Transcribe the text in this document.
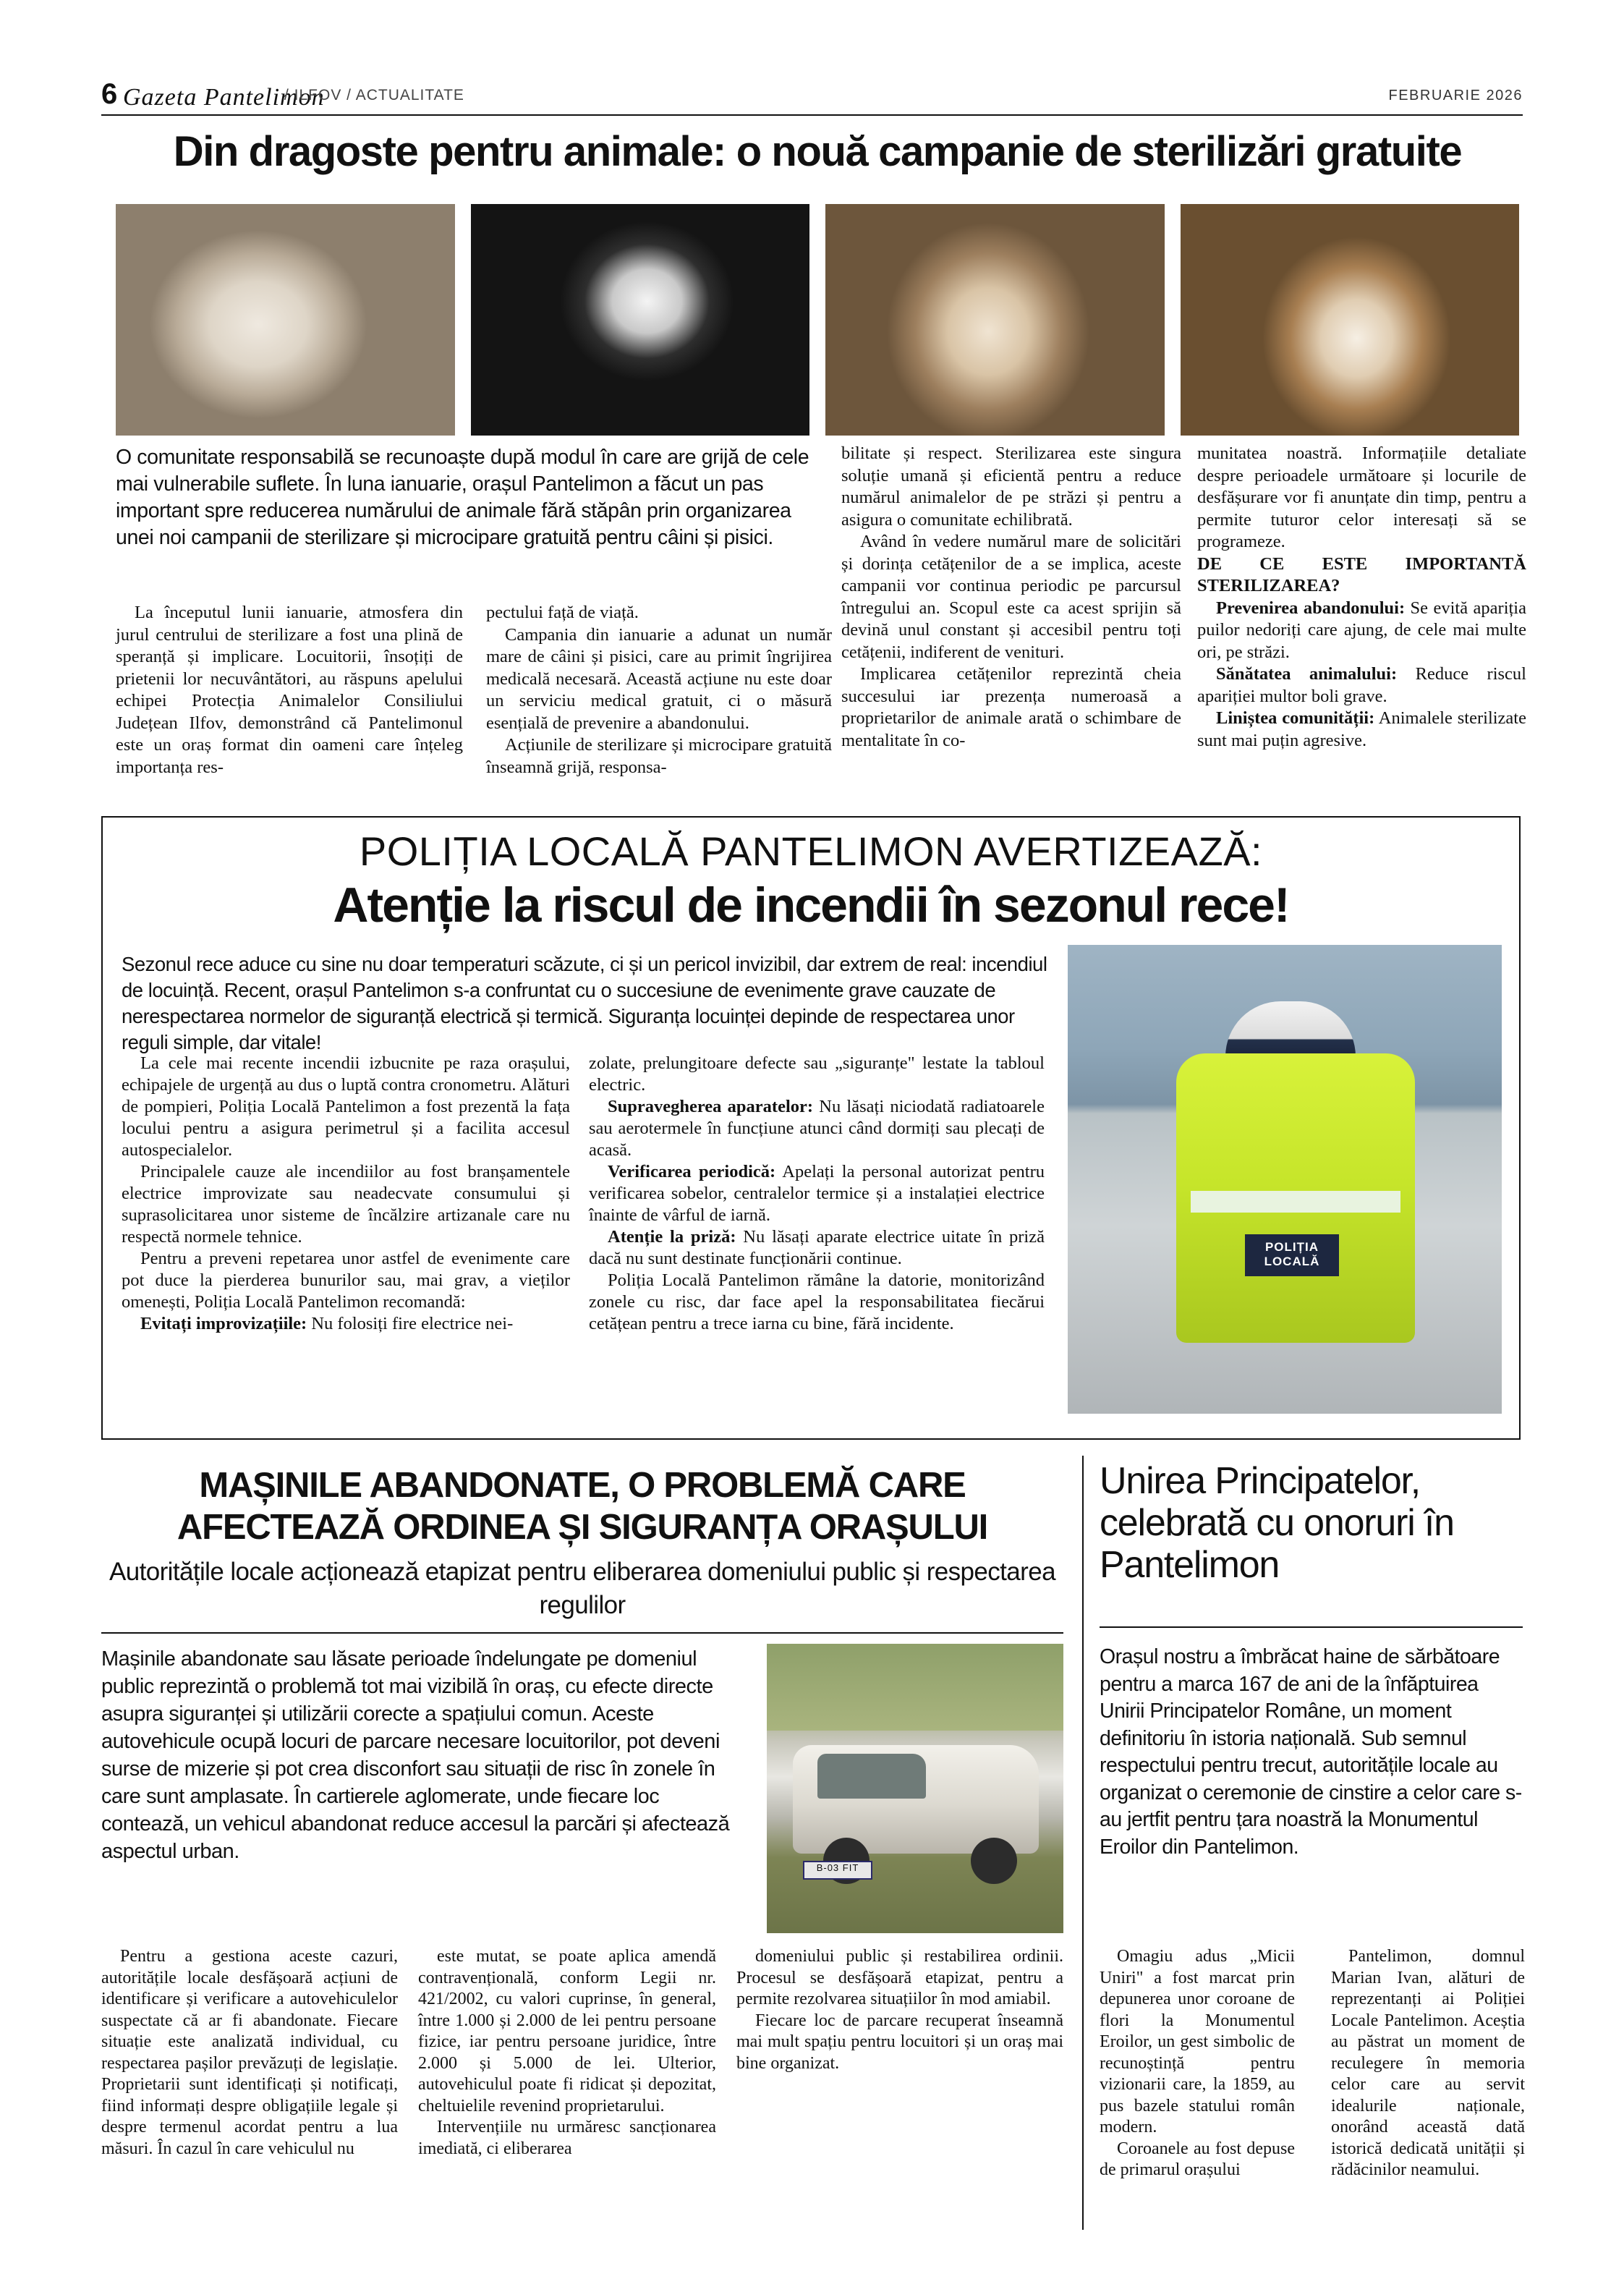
6 Gazeta Pantelimon
/ ILFOV / ACTUALITATE	FEBRUARIE 2026
Din dragoste pentru animale: o nouă campanie de sterilizări gratuite
O comunitate responsabilă se recunoaște după modul în care are grijă de cele mai vulnerabile suflete. În luna ianuarie, orașul Pantelimon a făcut un pas important spre reducerea numărului de animale fără stăpân prin organizarea unei noi campanii de sterilizare și microcipare gratuită pentru câini și pisici.

La începutul lunii ianuarie, atmosfera din jurul centrului de sterilizare a fost una plină de speranță și implicare. Locuitorii, însoțiți de prietenii lor necuvântători, au răspuns apelului echipei Protecția Animalelor Consiliului Județean Ilfov, demonstrând că Pantelimonul este un oraș format din oameni care înțeleg importanța res-

pectului față de viață.

Campania din ianuarie a adunat un număr mare de câini și pisici, care au primit îngrijirea medicală necesară. Această acțiune nu este doar un serviciu medical gratuit, ci o măsură esențială de prevenire a abandonului.

Acțiunile de sterilizare și microcipare gratuită înseamnă grijă, responsa-

bilitate și respect. Sterilizarea este singura soluție umană și eficientă pentru a reduce numărul animalelor de pe străzi și pentru a asigura o comunitate echilibrată.

Având în vedere numărul mare de solicitări și dorința cetățenilor de a se implica, aceste campanii vor continua periodic pe parcursul întregului an. Scopul este ca acest sprijin să devină unul constant și accesibil pentru toți cetățenii, indiferent de venituri.

Implicarea cetățenilor reprezintă cheia succesului iar prezența numeroasă a proprietarilor de animale arată o schimbare de mentalitate în co-

munitatea noastră. Informațiile detaliate despre perioadele următoare și locurile de desfășurare vor fi anunțate din timp, pentru a permite tuturor celor interesați să se programeze.

DE CE ESTE IMPORTANTĂ STERILIZAREA?

Prevenirea abandonului: Se evită apariția puilor nedoriți care ajung, de cele mai multe ori, pe străzi.

Sănătatea animalului: Reduce riscul apariției multor boli grave.

Liniștea comunității: Animalele sterilizate sunt mai puțin agresive.

POLIȚIA LOCALĂ PANTELIMON AVERTIZEAZĂ:
Atenție la riscul de incendii în sezonul rece!
Sezonul rece aduce cu sine nu doar temperaturi scăzute, ci și un pericol invizibil, dar extrem de real: incendiul de locuință. Recent, orașul Pantelimon s-a confruntat cu o succesiune de evenimente grave cauzate de nerespectarea normelor de siguranță electrică și termică. Siguranța locuinței depinde de respectarea unor reguli simple, dar vitale!
POLIȚIA LOCALĂ

La cele mai recente incendii izbucnite pe raza orașului, echipajele de urgență au dus o luptă contra cronometru. Alături de pompieri, Poliția Locală Pantelimon a fost prezentă la fața locului pentru a asigura perimetrul și a facilita accesul autospecialelor.

Principalele cauze ale incendiilor au fost branșamentele electrice improvizate sau neadecvate consumului și suprasolicitarea unor sisteme de încălzire artizanale care nu respectă normele tehnice.

Pentru a preveni repetarea unor astfel de evenimente care pot duce la pierderea bunurilor sau, mai grav, a vieților omenești, Poliția Locală Pantelimon recomandă:

Evitați improvizațiile: Nu folosiți fire electrice nei-

zolate, prelungitoare defecte sau „siguranțe" lestate la tabloul electric.

Supravegherea aparatelor: Nu lăsați niciodată radiatoarele sau aerotermele în funcțiune atunci când dormiți sau plecați de acasă.

Verificarea periodică: Apelați la personal autorizat pentru verificarea sobelor, centralelor termice și a instalației electrice înainte de vârful de iarnă.

Atenție la priză: Nu lăsați aparate electrice uitate în priză dacă nu sunt destinate funcționării continue.

Poliția Locală Pantelimon rămâne la datorie, monitorizând zonele cu risc, dar face apel la responsabilitatea fiecărui cetățean pentru a trece iarna cu bine, fără incidente.

MAȘINILE ABANDONATE, O PROBLEMĂ CARE AFECTEAZĂ ORDINEA ȘI SIGURANȚA ORAȘULUI
Autoritățile locale acționează etapizat pentru eliberarea domeniului public și respectarea regulilor
Mașinile abandonate sau lăsate perioade îndelungate pe domeniul public reprezintă o problemă tot mai vizibilă în oraș, cu efecte directe asupra siguranței și utilizării corecte a spațiului comun. Aceste autovehicule ocupă locuri de parcare necesare locuitorilor, pot deveni surse de mizerie și pot crea disconfort sau situații de risc în zonele în care sunt amplasate. În cartierele aglomerate, unde fiecare loc contează, un vehicul abandonat reduce accesul la parcări și afectează aspectul urban.
B-03 FIT

Pentru a gestiona aceste cazuri, autoritățile locale desfășoară acțiuni de identificare și verificare a autovehiculelor suspectate că ar fi abandonate. Fiecare situație este analizată individual, cu respectarea pașilor prevăzuți de legislație. Proprietarii sunt identificați și notificați, fiind informați despre obligațiile legale și despre termenul acordat pentru a lua măsuri. În cazul în care vehiculul nu

este mutat, se poate aplica amendă contravențională, conform Legii nr. 421/2002, cu valori cuprinse, în general, între 1.000 și 2.000 de lei pentru persoane fizice, iar pentru persoane juridice, între 2.000 și 5.000 de lei. Ulterior, autovehiculul poate fi ridicat și depozitat, cheltuielile revenind proprietarului.

Intervențiile nu urmăresc sancționarea imediată, ci eliberarea

domeniului public și restabilirea ordinii. Procesul se desfășoară etapizat, pentru a permite rezolvarea situațiilor în mod amiabil.

Fiecare loc de parcare recuperat înseamnă mai mult spațiu pentru locuitori și un oraș mai bine organizat.

Unirea Principatelor, celebrată cu onoruri în Pantelimon
Orașul nostru a îmbrăcat haine de sărbătoare pentru a marca 167 de ani de la înfăptuirea Unirii Principatelor Române, un moment definitoriu în istoria națională. Sub semnul respectului pentru trecut, autoritățile locale au organizat o ceremonie de cinstire a celor care s-au jertfit pentru țara noastră la Monumentul Eroilor din Pantelimon.

Omagiu adus „Micii Uniri" a fost marcat prin depunerea unor coroane de flori la Monumentul Eroilor, un gest simbolic de recunoștință pentru vizionarii care, la 1859, au pus bazele statului român modern.

Coroanele au fost depuse de primarul orașului

Pantelimon, domnul Marian Ivan, alături de reprezentanți ai Poliției Locale Pantelimon. Aceștia au păstrat un moment de reculegere în memoria celor care au servit idealurile naționale, onorând această dată istorică dedicată unității și rădăcinilor neamului.
